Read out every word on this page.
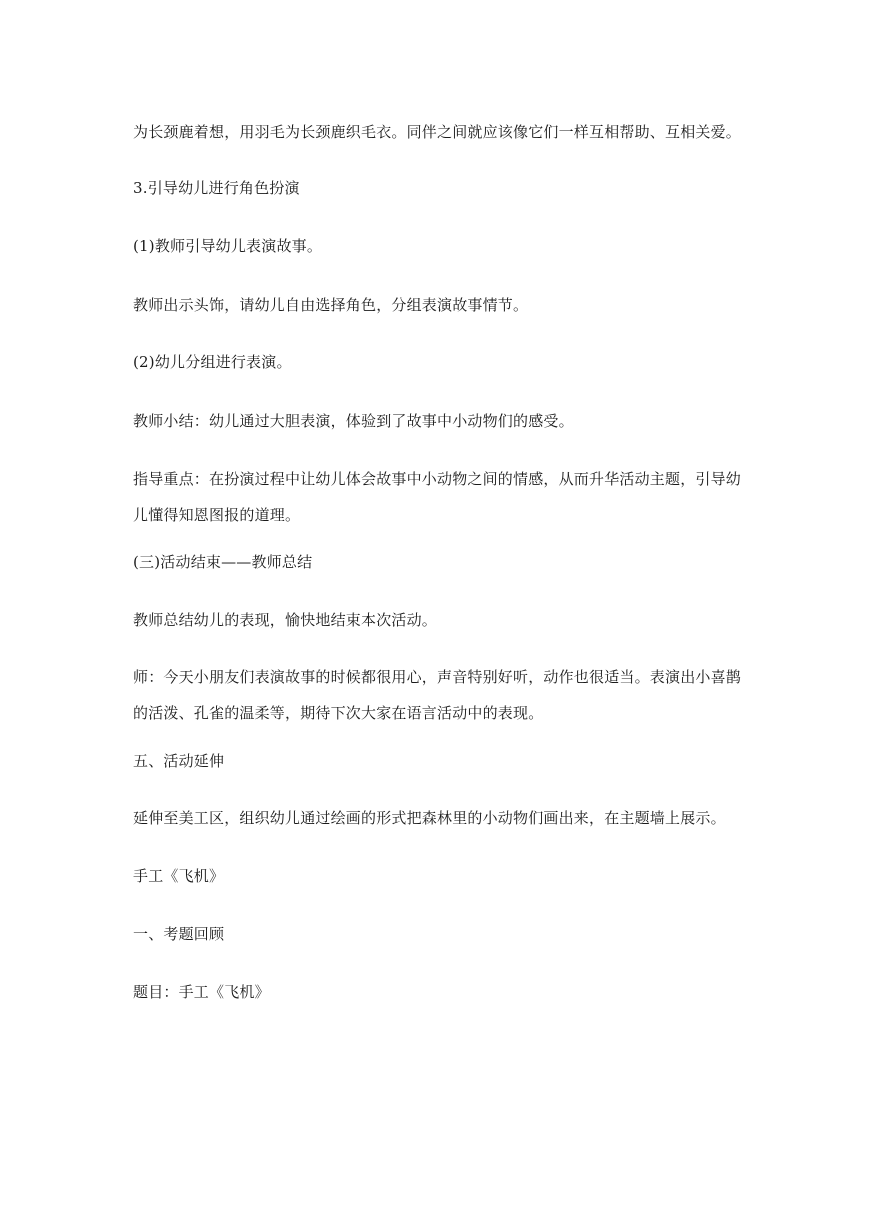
为长颈鹿着想，用羽毛为长颈鹿织毛衣。同伴之间就应该像它们一样互相帮助、互相关爱。

3.引导幼儿进行角色扮演

(1)教师引导幼儿表演故事。

教师出示头饰，请幼儿自由选择角色，分组表演故事情节。

(2)幼儿分组进行表演。

教师小结：幼儿通过大胆表演，体验到了故事中小动物们的感受。

指导重点：在扮演过程中让幼儿体会故事中小动物之间的情感，从而升华活动主题，引导幼儿懂得知恩图报的道理。

(三)活动结束——教师总结

教师总结幼儿的表现，愉快地结束本次活动。

师：今天小朋友们表演故事的时候都很用心，声音特别好听，动作也很适当。表演出小喜鹊的活泼、孔雀的温柔等，期待下次大家在语言活动中的表现。

五、活动延伸

延伸至美工区，组织幼儿通过绘画的形式把森林里的小动物们画出来，在主题墙上展示。

手工《飞机》

一、考题回顾

题目：手工《飞机》
